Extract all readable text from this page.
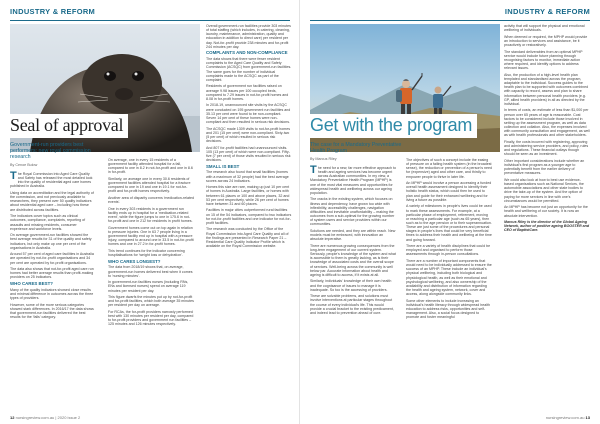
INDUSTRY & REFORM
Seal of approval
Government-run providers best performers: new royal commission research
By Cenoe Bulow

The Royal Commission into Aged Care Quality and Safety has released the most detailed look into the quality of residential aged care homes published in Australia.

Using data on accreditation and the legal authority of the commission, and not previously available to researchers, they present over 50 quality indicators about residential aged care – including how these are distributed across facilities.

The indicators cover topics such as clinical outcomes, compliance, complaints, reporting of assaults and missing residents, consumer experience and workforce levels.

On average government-run facilities showed the best average results for 31 of the quality and safety indicators, but only make up one per cent of the organisations in Australia.

Around 57 per cent of aged care facilities in Australia are operated by not-for-profit organisations and 34 per cent are operated by for-profit organisations.

The data also shows that not-for-profit aged care run homes had better average results than profit-making providers on 25 indicators.

WHO CARES BEST?

Many of the quality indicators showed close results and minimal difference in outcomes across the three types of providers.

However, some of the more serious categories showed stark differences. In 2016/17 the data shows that government-run facilities delivered the best results for the 'falls' category.

On average, one in every 15 residents of a government facility attended hospital for a fall, compared to one in 8.2 in not-for-profit and one in 8.6 in for-profit.

Similarly, on average one in every 30.6 residents of government facilities attended hospital for a fracture compared to one in 19 and one in 19.1 for not-for-profit and for-profit homes respectively.

Another area of disparity concerns 'medication-related events'.

One in every 303 residents in a government run facility ends up in hospital for a 'medication-related event', while the figure jumps to one in 175.6 in not-for-profit and one in 212 for residents in profit homes.

Government homes come out on top again in relation to pressure injuries. One in 63 7 people living in a government facility end up in hospital with a pressure injury, compared to around one in 33.5 in not-for-profit homes and one in 27.2 in for-profit homes.

This trend continues for the indicator concerning hospitalisations for 'weight loss or dehydration'.

WHO CARES LONGEST?

The data from 2018/19 shows that, on average, government-run homes delivered best when it comes to 'nursing minutes'.

In government-run facilities nurses (including RNs, ENs and licensed nurses) spend on average 119 minutes per resident per day.

This figure dwarfs the minutes put up by not-for-profit and for-profit facilities, which both average 35 minutes per resident per day on average.

For RCAs, the for-profit providers narrowly performed best with 130 minutes per resident per day, compared to for-profit providers and government run facilities – 125 minutes and 126 minutes respectively.

Overall government-run facilities provide 303 minutes of total staffing (which includes, in catering, cleaning, laundry, maintenance, administration, quality and education in addition to direct care) per resident per day. Not-for-profit provide 238 minutes and for-profit 244 minutes per day.

COMPLAINTS AND NON-COMPLIANCE

The data shows that there were fewer resident complaints to the Aged Care Quality and Safety Commission (ACSQC) from government-run facilities. The same goes for the number of individual complaints made to the ACSQC as part of the complaint.

Residents of government run facilities raised on average 9.98 issues per 100 occupied beds, compared to 7.29 issues in not-for-profit homes and 8.08 in for-profit homes.

In 2018-19, unannounced site visits by the ACSQC were conducted on 195 government run facilities and 35.13 per cent were found to be non-compliant. Seven 14 per cent of these homes were non-compliant and then resulted in serious risk decisions.

The ACSQC made 1309 visits to not-for-profit homes and 201 (15 per cent) were non-compliant. Sixty-two (5 per cent) of which resulted in serious risk decisions.

And 807 for-profit facilities had unannounced visits. 105 (13 per cent) of which were non-compliant. Fifty-five (7 per cent) of those visits resulted in serious risk decisions.

SMALL IS BEST

The research also found that small facilities (homes with a maximum of 32 people) had the best average scores across 24 indicators.

Homes this size are rare, making up just 10 per cent of homes in Australia. Large facilities, or homes with between 61 places or 100 and above places, 32 and 53 per cent respectively, while 26 per cent of homes have between 31 and 60 places.

Facilities in major cities outperformed rural facilities on 15 of the 54 indicators, compared to two indicators for not-for-profit facilities and one indicator for not-for-profit facilities.

The research was conducted by the Office of the Royal Commission into Aged Care Quality and all of the findings are presented in Research Paper 21 – Residential Care Quality Indicator Profile which is available on the Royal Commission website.

12 nursingreview.com.au | 2020 issue 2
INDUSTRY & REFORM
Get with the program
The case for a Mandatory Preventative Health Program
By Marcus Riley

The need for a new, far more effective approach to health and ageing services has become urgent across Australian communities. In my view, a Mandatory Preventative Health Program (MPHP) is one of the most vital measures and opportunities for widespread health and wellbeing across our ageing population.

The cracks in the existing system, which focuses on illness and dependency, have grown too wide with inflexibility, accessibility challenges, navigation difficulties and inevitable unaffordability – making the outcomes from a sub-optimal for the growing number of system users and service providers within our communities.

Solutions are needed, and they are within reach. New models must be embraced, with innovation an absolute imperative.

There are numerous growing consequences from the long-term engagement of our current system. Seriously, people's knowledge of the system and what is accessible to them is greatly lacking, as is their knowledge of associated costs and the overall scope of services. Well-being across the community is well below par. Accurate information about health and ageing is difficult to access, if it exists at all.

Similarly, individuals' knowledge of their own health and the cognisance of issues to manage it is inadequate. So too is the accessing of providers.

These are solvable problems, and solutions must involve interventions at particular stages throughout the course of every individual's life. This would provide a crucial bracket to the existing predicament, and indeed lead to prevention ahead of cure.

The objectives of such a concept include the easing of pressure on a failing health system (in the broadest sense), the reduction or prevention of a person's need for (expensive) aged and other care, and thirdly to empower people to thrive in later life.

An MPHP would involve a person accessing a funded overall health assessment designed to identify their holistic health status, which could then be used to plan and guide for their enhanced wellbeing and for living a future as possible.

A variety of milestones in people's lives could be used to mark these assessments. For example, at a particular phase of employment, retirement, moving or reaching a particular age (such as 65 years), then such as to the age pension or to their superannuation. These are just some of the procedures and personal stages in people's lives that could be very beneficial times to address their health and wellbeing at the time and going forward.

There are a variety of health disciplines that could be employed and organised to perform those assessments through in-person consultations.

There are a number of important components that would need to be individually addressed to ensure the success of an MPHP. These include an individual's physical wellbeing, including both biological and physiological health, as well as their emotional and psychological wellbeing, and also ownership of the availability and distribution of information regarding the health and ageing system, network, cover and access, along alongside community links.

Some other elements to include increasing an individual's health literacy through widespread health education to address risks, opportunities and self-management. Also, a social focus designed to promote and foster meaningful

activity that will support the physical and emotional wellbeing of individuals.

When deemed or required, the MPHP would provide an introduction to services and assistance, be it proactively or restoratively.

The standard deliverables from an optimal MPHP service would include future planning through recognising factors to monitor, immediate action where required, and identify options to address relevant issues.

Also, the production of a high-level health plan templated and standardised across the program, adaptable to the individual. Success guides to the health plan to be supported with outcomes combined with capacity to record, assess and plan to share information between personal health providers (e.g. GP, allied health providers) in all as directed by the individual.

In terms of costs, an estimate of less than $1,000 per person over 65 years of age is reasonable. Cost factors to be considered include those involved in setting up the assessment program, as well as data collection and collation. Also, the expenses involved with community consultation and engagement, as well as with health professionals and other stakeholders.

Finally, the costs incurred with registering, approving and administering service providers, and policy, rules and regulations. These financial outlays though should be seen as an investment.

Other important considerations include whether an individual's first program as a younger age to potentially benefit from the earlier delivery of preventative measures.

We could also look at how to best use evidence-based organisations such as National Seniors, the automobile associations and other state bodies to drive the take-up of the system. And the option of paying for more services in line with one's circumstances would be permitted.

An MPHP has become not just an opportunity for the health and wellbeing of our society. It is now an absolute intervention.

Marcus Riley is the director of the Global Ageing Network, author of positive ageing BOOSTER and CEO of BaptistCare.

nursingreview.com.au 13
